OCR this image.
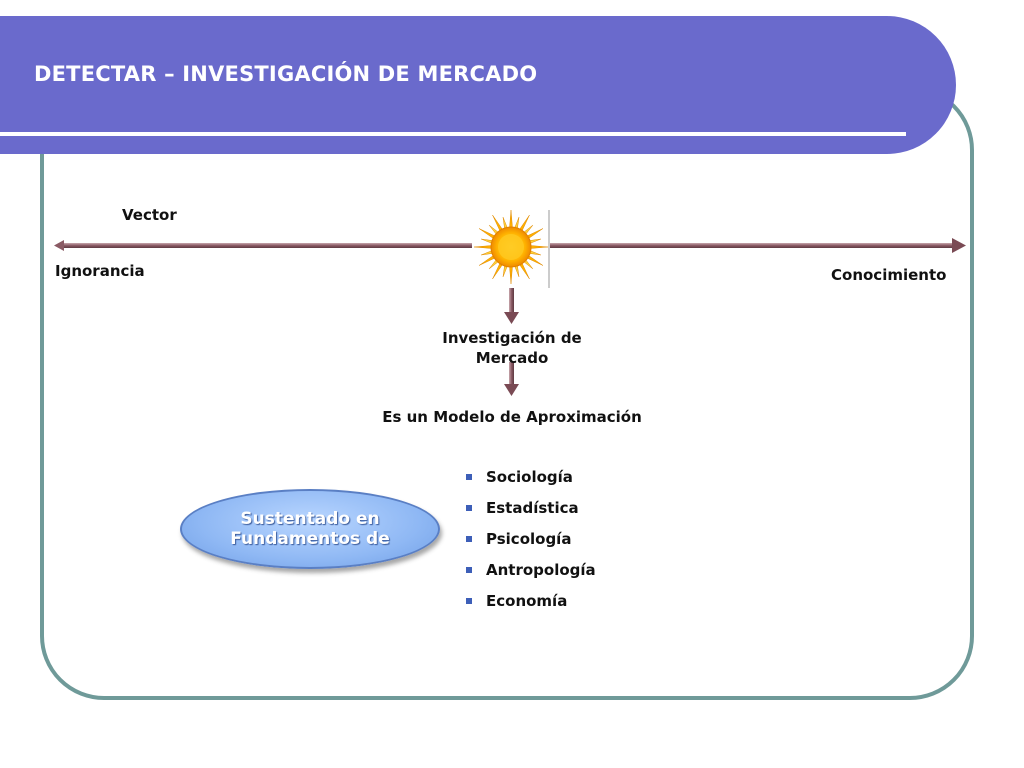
DETECTAR – INVESTIGACIÓN DE MERCADO
Vector
Ignorancia	Conocimiento
Investigación de
Mercado
Es un Modelo de Aproximación
Sustentado en
Fundamentos de
Sociología
Estadística
Psicología
Antropología
Economía
